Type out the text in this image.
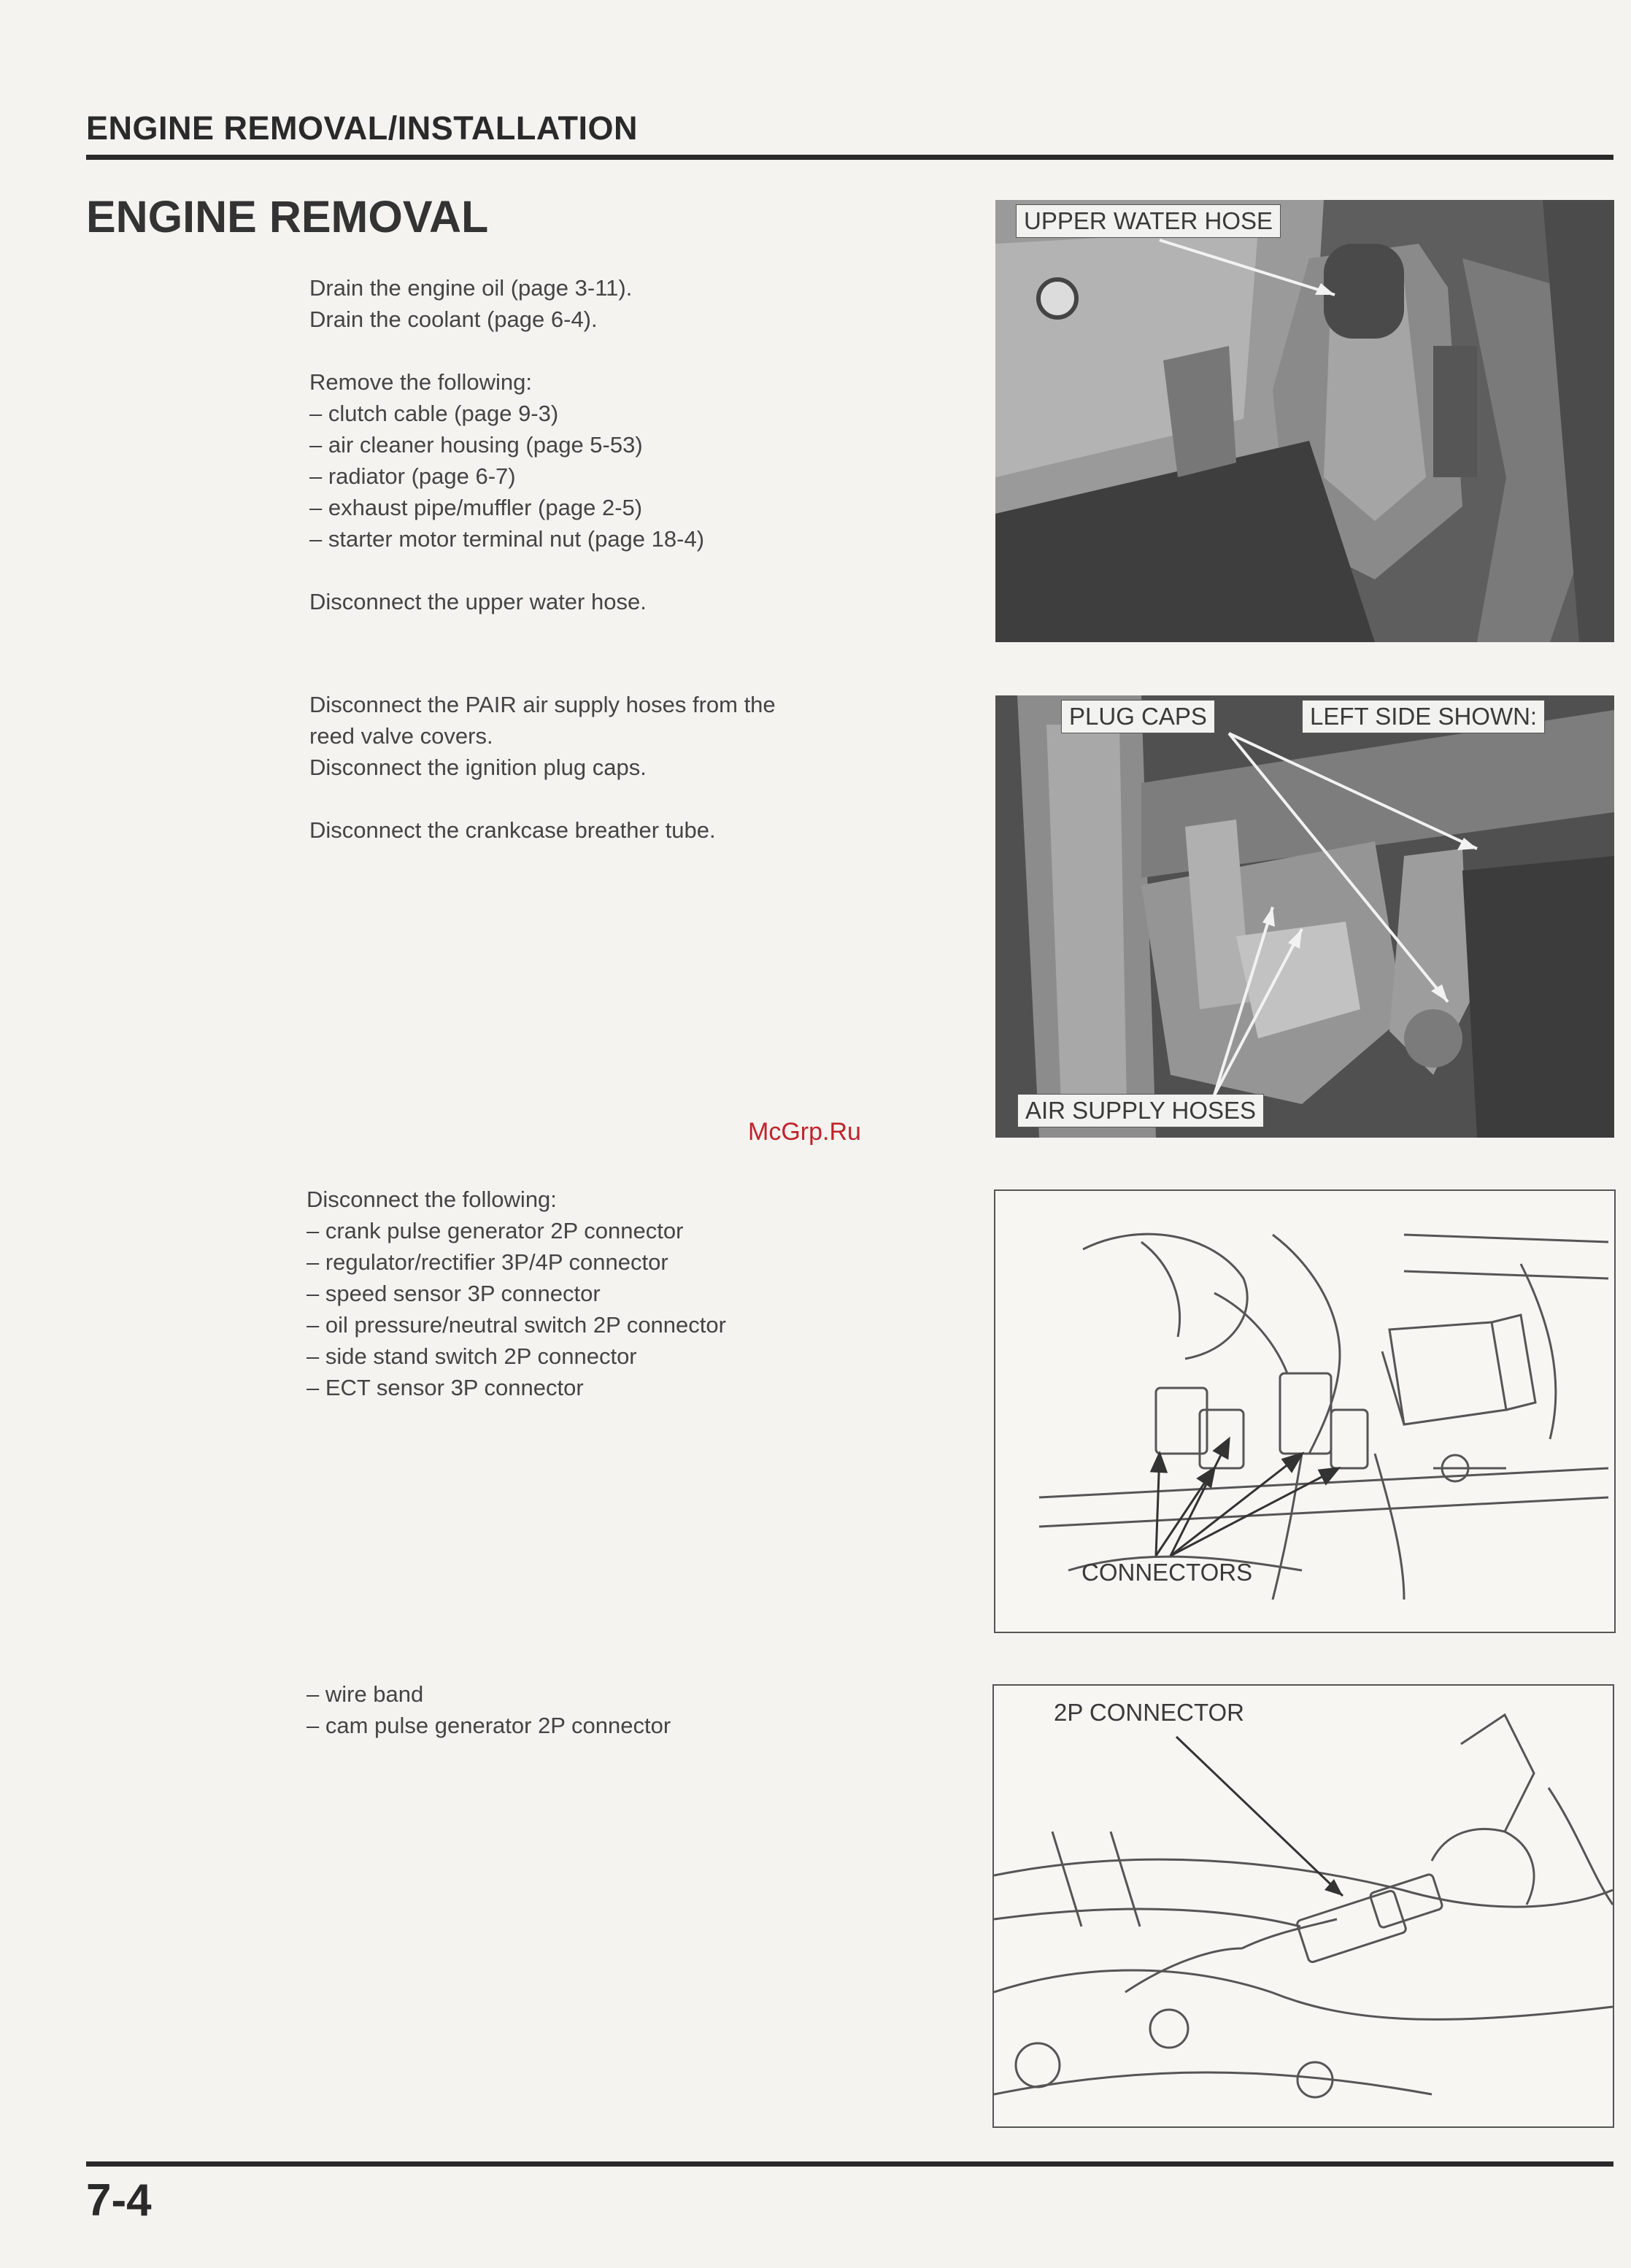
ENGINE REMOVAL/INSTALLATION
ENGINE REMOVAL
Drain the engine oil (page 3-11).
Drain the coolant (page 6-4).
Remove the following:
– clutch cable (page 9-3)
– air cleaner housing (page 5-53)
– radiator (page 6-7)
– exhaust pipe/muffler (page 2-5)
– starter motor terminal nut (page 18-4)
Disconnect the upper water hose.
UPPER WATER HOSE
Disconnect the PAIR air supply hoses from the
reed valve covers.
Disconnect the ignition plug caps.
Disconnect the crankcase breather tube.
PLUG CAPS	LEFT SIDE SHOWN:
AIR SUPPLY HOSES
McGrp.Ru
Disconnect the following:
– crank pulse generator 2P connector
– regulator/rectifier 3P/4P connector
– speed sensor 3P connector
– oil pressure/neutral switch 2P connector
– side stand switch 2P connector
– ECT sensor 3P connector
CONNECTORS
– wire band
– cam pulse generator 2P connector	2P CONNECTOR
7-4
